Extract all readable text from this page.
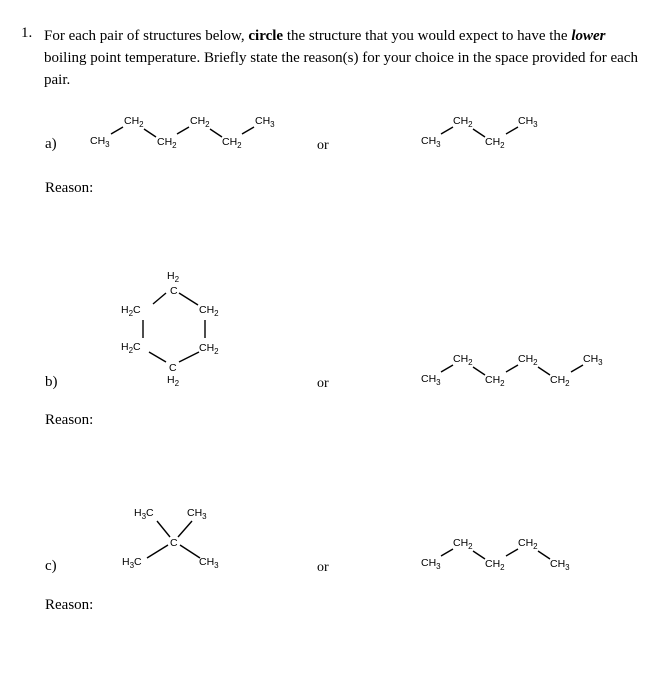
1. For each pair of structures below, circle the structure that you would expect to have the lower boiling point temperature. Briefly state the reason(s) for your choice in the space provided for each pair.
a)
Reason:
or
b)
Reason:
or
c)
Reason:
or
$CH_3$
$CH_2$
$CH_2$
$CH_2$
$CH_2$
$CH_3$
$CH_3$
$CH_2$
$CH_2$
$CH_3$
$H_2$
C
$H_2C$	$CH_2$
$H_2C$	$CH_2$
C
$H_2$	$CH_3$
$CH_2$
$CH_2$
$CH_2$
$CH_2$
$CH_3$
$H_3C$	$CH_3$
C
$H_3C$	$CH_3$	$CH_3$
$CH_2$
$CH_2$
$CH_2$
$CH_3$
